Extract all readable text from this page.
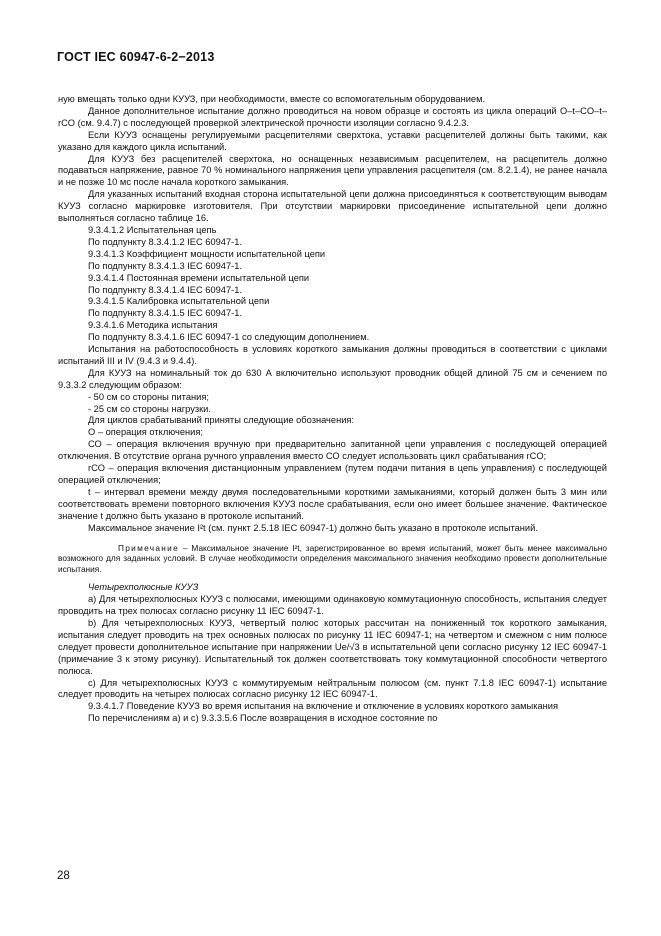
ГОСТ IEC 60947-6-2−2013

ную вмещать только одни КУУЗ, при необходимости, вместе со вспомогательным оборудованием.

Данное дополнительное испытание должно проводиться на новом образце и состоять из цикла операций О–t–CO–t–rCO (см. 9.4.7) с последующей проверкой электрической прочности изоляции согласно 9.4.2.3.

Если КУУЗ оснащены регулируемыми расцепителями сверхтока, уставки расцепителей должны быть такими, как указано для каждого цикла испытаний.

Для КУУЗ без расцепителей сверхтока, но оснащенных независимым расцепителем, на расцепитель должно подаваться напряжение, равное 70 % номинального напряжения цепи управления расцепителя (см. 8.2.1.4), не ранее начала и не позже 10 мс после начала короткого замыкания.

Для указанных испытаний входная сторона испытательной цепи должна присоединяться к соответствующим выводам КУУЗ согласно маркировке изготовителя. При отсутствии маркировки присоединение испытательной цепи должно выполняться согласно таблице 16.

9.3.4.1.2 Испытательная цепь

По подпункту 8.3.4.1.2 IEC 60947-1.

9.3.4.1.3 Коэффициент мощности испытательной цепи

По подпункту 8.3.4.1.3 IEC 60947-1.

9.3.4.1.4 Постоянная времени испытательной цепи

По подпункту 8.3.4.1.4 IEC 60947-1.

9.3.4.1.5 Калибровка испытательной цепи

По подпункту 8.3.4.1.5 IEC 60947-1.

9.3.4.1.6 Методика испытания

По подпункту 8.3.4.1.6 IEC 60947-1 со следующим дополнением.

Испытания на работоспособность в условиях короткого замыкания должны проводиться в соответствии с циклами испытаний III и IV (9.4.3 и 9.4.4).

Для КУУЗ на номинальный ток до 630 А включительно используют проводник общей длиной 75 см и сечением по 9.3.3.2 следующим образом:

- 50 см со стороны питания;

- 25 см со стороны нагрузки.

Для циклов срабатываний приняты следующие обозначения:

О – операция отключения;

СО – операция включения вручную при предварительно запитанной цепи управления с последующей операцией отключения. В отсутствие органа ручного управления вместо СО следует использовать цикл срабатывания rCO;

rCO – операция включения дистанционным управлением (путем подачи питания в цепь управления) с последующей операцией отключения;

t – интервал времени между двумя последовательными короткими замыканиями, который должен быть 3 мин или соответствовать времени повторного включения КУУЗ после срабатывания, если оно имеет большее значение. Фактическое значение t должно быть указано в протоколе испытаний.

Максимальное значение I²t (см. пункт 2.5.18 IEC 60947-1) должно быть указано в протоколе испытаний.

Примечание – Максимальное значение I²t, зарегистрированное во время испытаний, может быть менее максимально возможного для заданных условий. В случае необходимости определения максимального значения необходимо провести дополнительные испытания.

Четырехполюсные КУУЗ

a) Для четырехполюсных КУУЗ с полюсами, имеющими одинаковую коммутационную способность, испытания следует проводить на трех полюсах согласно рисунку 11 IEC 60947-1.

b) Для четырехполюсных КУУЗ, четвертый полюс которых рассчитан на пониженный ток короткого замыкания, испытания следует проводить на трех основных полюсах по рисунку 11 IEC 60947-1; на четвертом и смежном с ним полюсе следует провести дополнительное испытание при напряжении Ue/√3 в испытательной цепи согласно рисунку 12 IEC 60947-1 (примечание 3 к этому рисунку). Испытательный ток должен соответствовать току коммутационной способности четвертого полюса.

c) Для четырехполюсных КУУЗ с коммутируемым нейтральным полюсом (см. пункт 7.1.8 IEC 60947-1) испытание следует проводить на четырех полюсах согласно рисунку 12 IEC 60947-1.

9.3.4.1.7 Поведение КУУЗ во время испытания на включение и отключение в условиях короткого замыкания

По перечислениям а) и с) 9.3.3.5.6 После возвращения в исходное состояние по

28
